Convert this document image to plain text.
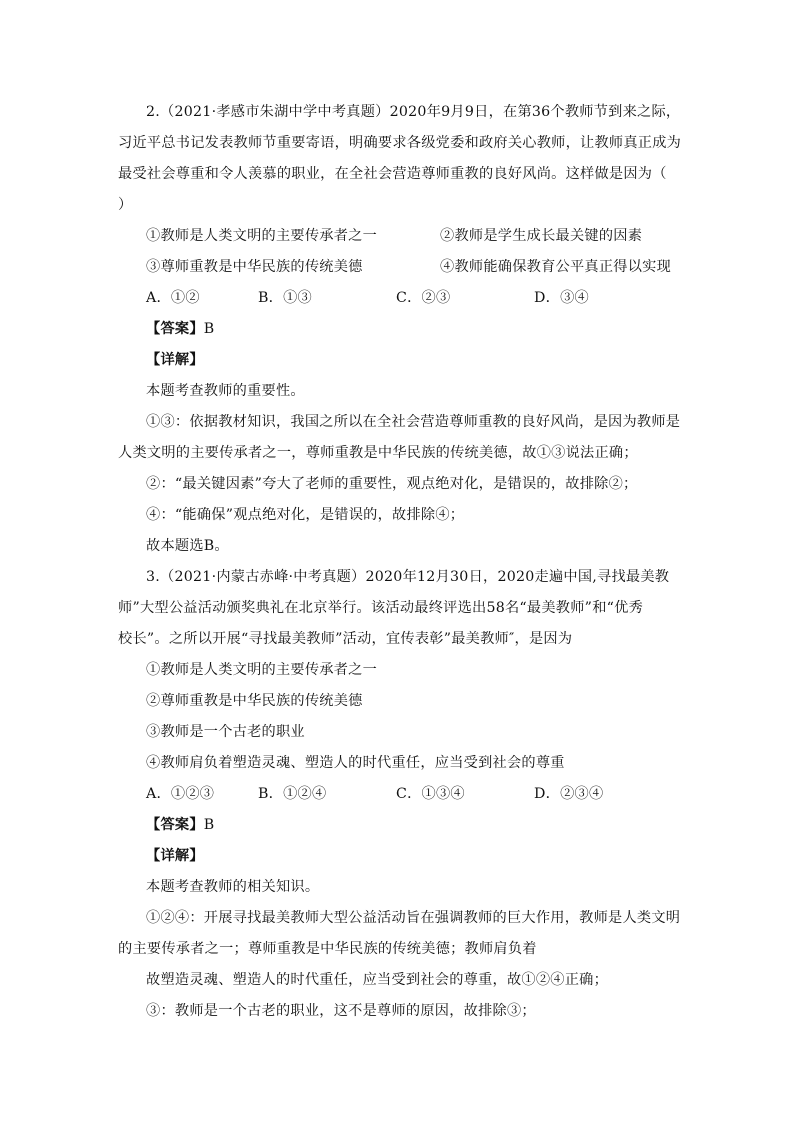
2.（2021·孝感市朱湖中学中考真题）2020年9月9日，在第36个教师节到来之际，
习近平总书记发表教师节重要寄语，明确要求各级党委和政府关心教师，让教师真正成为
最受社会尊重和令人羡慕的职业，在全社会营造尊师重教的良好风尚。这样做是因为（
）
①教师是人类文明的主要传承者之一	②教师是学生成长最关键的因素
③尊师重教是中华民族的传统美德	④教师能确保教育公平真正得以实现
A．①②	B．①③	C．②③	D．③④
【答案】B
【详解】
本题考查教师的重要性。
①③：依据教材知识，我国之所以在全社会营造尊师重教的良好风尚，是因为教师是
人类文明的主要传承者之一，尊师重教是中华民族的传统美德，故①③说法正确；
②：“最关键因素”夸大了老师的重要性，观点绝对化，是错误的，故排除②；
④：“能确保”观点绝对化，是错误的，故排除④；
故本题选B。
3.（2021·内蒙古赤峰·中考真题）2020年12月30日，2020走遍中国,寻找最美教
师”大型公益活动颁奖典礼在北京举行。该活动最终评选出58名“最美教师”和“优秀
校长”。之所以开展“寻找最美教师”活动，宜传表彰”最美教师″，是因为
①教师是人类文明的主要传承者之一
②尊师重教是中华民族的传统美德
③教师是一个古老的职业
④教师肩负着塑造灵魂、塑造人的时代重任，应当受到社会的尊重
A．①②③	B．①②④	C．①③④	D．②③④
【答案】B
【详解】
本题考查教师的相关知识。
①②④：开展寻找最美教师大型公益活动旨在强调教师的巨大作用，教师是人类文明
的主要传承者之一；尊师重教是中华民族的传统美德；教师肩负着
故塑造灵魂、塑造人的时代重任，应当受到社会的尊重，故①②④正确；
③：教师是一个古老的职业，这不是尊师的原因，故排除③；
